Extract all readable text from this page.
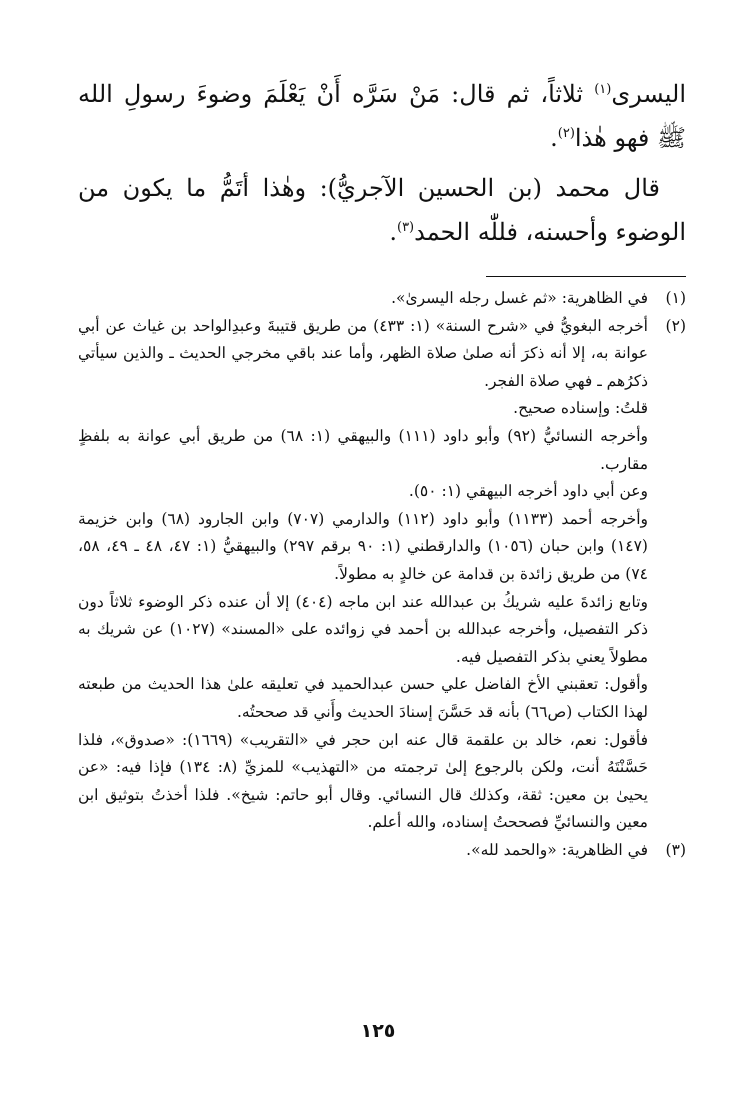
اليسرى$^{(١)}$ ثلاثاً، ثم قال: مَنْ سَرَّه أَنْ يَعْلَمَ وضوءَ رسولِ الله ﷺ فهو هٰذا$^{(٢)}$.

قال محمد (بن الحسين الآجريُّ): وهٰذا أتَمُّ ما يكون من الوضوء وأحسنه، فللّٰه الحمد$^{(٣)}$.

(١)

في الظاهرية: «ثم غسل رجله اليسرىٰ».

(٢)

أخرجه البغويُّ في «شرح السنة» (١: ٤٣٣) من طريق قتيبةَ وعبدِالواحد بن غياث عن أبي عوانة به، إلا أنه ذكرَ أنه صلىٰ صلاة الظهر، وأما عند باقي مخرجي الحديث ـ والذين سيأتي ذكرُهم ـ فهي صلاة الفجر.

قلتُ: وإسناده صحيح.

وأخرجه النسائيُّ (٩٢) وأبو داود (١١١) والبيهقي (١: ٦٨) من طريق أبي عوانة به بلفظٍ مقارب.

وعن أبي داود أخرجه البيهقي (١: ٥٠).

وأخرجه أحمد (١١٣٣) وأبو داود (١١٢) والدارمي (٧٠٧) وابن الجارود (٦٨) وابن خزيمة (١٤٧) وابن حبان (١٠٥٦) والدارقطني (١: ٩٠ برقم ٢٩٧) والبيهقيُّ (١: ٤٧، ٤٨ ـ ٤٩، ٥٨، ٧٤) من طريق زائدة بن قدامة عن خالدٍ به مطولاً.

وتابع زائدةَ عليه شريكُ بن عبدالله عند ابن ماجه (٤٠٤) إلا أن عنده ذكر الوضوء ثلاثاً دون ذكر التفصيل، وأخرجه عبدالله بن أحمد في زوائده على «المسند» (١٠٢٧) عن شريك به مطولاً يعني بذكر التفصيل فيه.

وأقول: تعقبني الأخ الفاضل علي حسن عبدالحميد في تعليقه علىٰ هذا الحديث من طبعته لهذا الكتاب (ص٦٦) بأنه قد حَسَّنَ إسنادَ الحديث وأَني قد صححتُه.

فأقول: نعم، خالد بن علقمة قال عنه ابن حجر في «التقريب» (١٦٦٩): «صدوق»، فلذا حَسَّنْتَهُ أنت، ولكن بالرجوع إلىٰ ترجمته من «التهذيب» للمزيِّ (٨: ١٣٤) فإذا فيه: «عن يحيىٰ بن معين: ثقة، وكذلك قال النسائي. وقال أبو حاتم: شيخ». فلذا أخذتُ بتوثيق ابن معين والنسائيِّ فصححتُ إسناده، والله أعلم.

(٣)

في الظاهرية: «والحمد لله».

١٢٥
